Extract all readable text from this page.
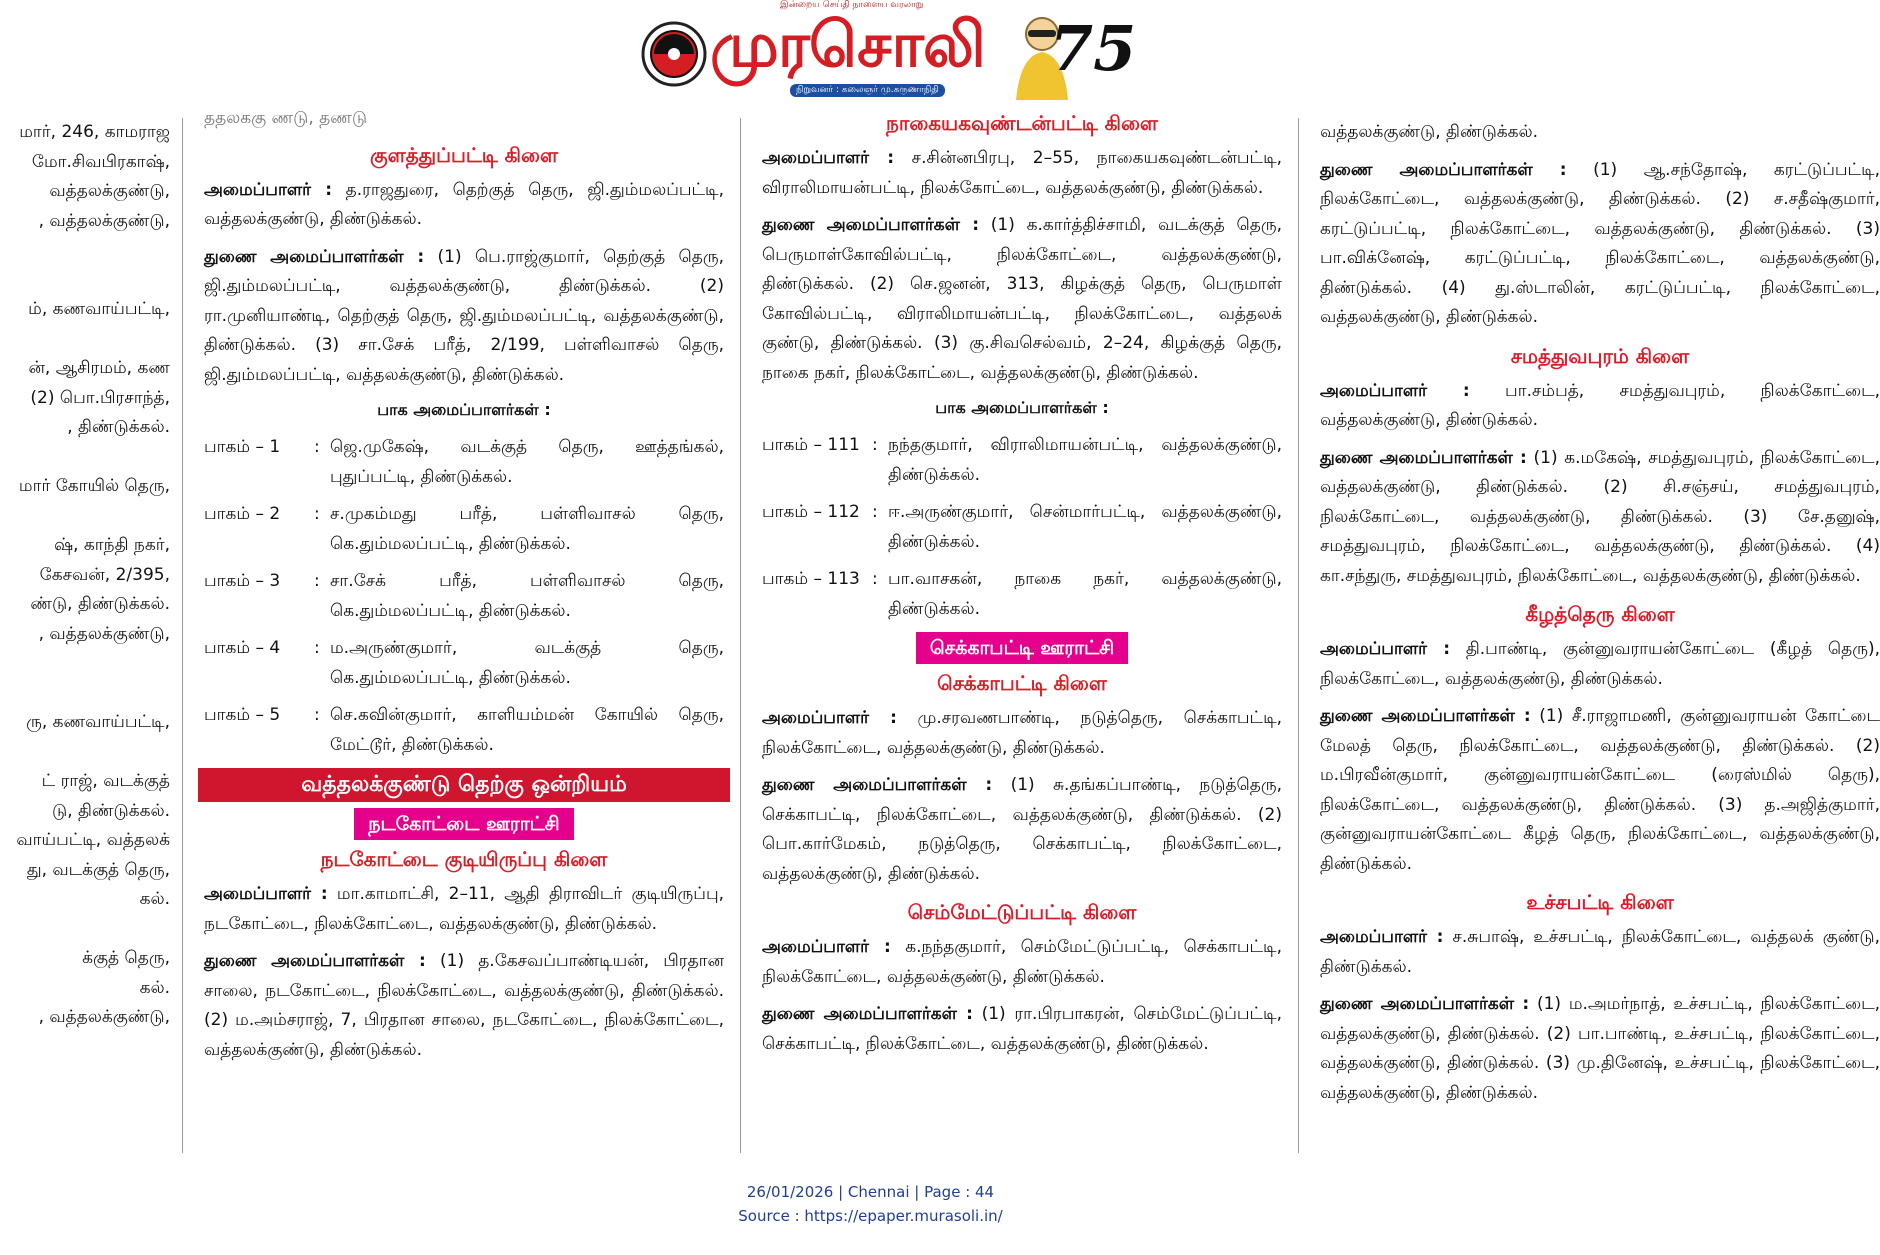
இன்றைய செய்தி நாளைய வரலாறு
முரசொலி
நிறுவனர் : கலைஞர் மு.கருணாநிதி
75
மார், 246, காமராஜ
மோ.சிவபிரகாஷ்,
வத்தலக்குண்டு,
, வத்தலக்குண்டு,
ம், கணவாய்பட்டி,
ன், ஆசிரமம், கண
(2) பொ.பிரசாந்த்,
, திண்டுக்கல்.
மார் கோயில் தெரு,
ஷ், காந்தி நகர்,
கேசவன், 2/395,
ண்டு, திண்டுக்கல்.
, வத்தலக்குண்டு,
ரு, கணவாய்பட்டி,
ட் ராஜ், வடக்குத்
டு, திண்டுக்கல்.
வாய்பட்டி, வத்தலக்
து, வடக்குத் தெரு,
கல்.
க்குத் தெரு,
கல்.
, வத்தலக்குண்டு,
ததலககு ணடு, தணடு
குளத்துப்பட்டி கிளை

அமைப்பாளர் : த.ராஜதுரை, தெற்குத் தெரு, ஜி.தும்மலப்பட்டி, வத்தலக்குண்டு, திண்டுக்கல்.

துணை அமைப்பாளர்கள் : (1) பெ.ராஜ்குமார், தெற்குத் தெரு, ஜி.தும்மலப்பட்டி, வத்தலக்குண்டு, திண்டுக்கல். (2) ரா.முனியாண்டி, தெற்குத் தெரு, ஜி.தும்மலப்பட்டி, வத்தலக்குண்டு, திண்டுக்கல். (3) சா.சேக் பரீத், 2/199, பள்ளிவாசல் தெரு, ஜி.தும்மலப்பட்டி, வத்தலக்குண்டு, திண்டுக்கல்.

பாக அமைப்பாளர்கள் :
பாகம் – 1	: ஜெ.முகேஷ், வடக்குத் தெரு, ஊத்தங்கல், புதுப்பட்டி, திண்டுக்கல்.
பாகம் – 2	: ச.முகம்மது பரீத், பள்ளிவாசல் தெரு, கெ.தும்மலப்பட்டி, திண்டுக்கல்.
பாகம் – 3	: சா.சேக் பரீத், பள்ளிவாசல் தெரு, கெ.தும்மலப்பட்டி, திண்டுக்கல்.
பாகம் – 4	: ம.அருண்குமார், வடக்குத் தெரு, கெ.தும்மலப்பட்டி, திண்டுக்கல்.
பாகம் – 5	: செ.கவின்குமார், காளியம்மன் கோயில் தெரு, மேட்டூர், திண்டுக்கல்.
வத்தலக்குண்டு தெற்கு ஒன்றியம்
நடகோட்டை ஊராட்சி
நடகோட்டை குடியிருப்பு கிளை

அமைப்பாளர் : மா.காமாட்சி, 2–11, ஆதி திராவிடர் குடியிருப்பு, நடகோட்டை, நிலக்கோட்டை, வத்தலக்குண்டு, திண்டுக்கல்.

துணை அமைப்பாளர்கள் : (1) த.கேசவப்பாண்டியன், பிரதான சாலை, நடகோட்டை, நிலக்கோட்டை, வத்தலக்குண்டு, திண்டுக்கல். (2) ம.அம்சராஜ், 7, பிரதான சாலை, நடகோட்டை, நிலக்கோட்டை, வத்தலக்குண்டு, திண்டுக்கல்.

நாகையகவுண்டன்பட்டி கிளை

அமைப்பாளர் : ச.சின்னபிரபு, 2–55, நாகையகவுண்டன்பட்டி, விராலிமாயன்பட்டி, நிலக்கோட்டை, வத்தலக்குண்டு, திண்டுக்கல்.

துணை அமைப்பாளர்கள் : (1) க.கார்த்திச்சாமி, வடக்குத் தெரு, பெருமாள்கோவில்பட்டி, நிலக்கோட்டை, வத்தலக்குண்டு, திண்டுக்கல். (2) செ.ஜனன், 313, கிழக்குத் தெரு, பெருமாள் கோவில்பட்டி, விராலிமாயன்பட்டி, நிலக்கோட்டை, வத்தலக் குண்டு, திண்டுக்கல். (3) கு.சிவசெல்வம், 2–24, கிழக்குத் தெரு, நாகை நகர், நிலக்கோட்டை, வத்தலக்குண்டு, திண்டுக்கல்.

பாக அமைப்பாளர்கள் :
பாகம் – 111 : நந்தகுமார், விராலிமாயன்பட்டி, வத்தலக்குண்டு, திண்டுக்கல்.
பாகம் – 112 : ஈ.அருண்குமார், சென்மார்பட்டி, வத்தலக்குண்டு, திண்டுக்கல்.
பாகம் – 113 : பா.வாசகன், நாகை நகர், வத்தலக்குண்டு, திண்டுக்கல்.
செக்காபட்டி ஊராட்சி
செக்காபட்டி கிளை

அமைப்பாளர் : மு.சரவணபாண்டி, நடுத்தெரு, செக்காபட்டி, நிலக்கோட்டை, வத்தலக்குண்டு, திண்டுக்கல்.

துணை அமைப்பாளர்கள் : (1) சு.தங்கப்பாண்டி, நடுத்தெரு, செக்காபட்டி, நிலக்கோட்டை, வத்தலக்குண்டு, திண்டுக்கல். (2) பொ.கார்மேகம், நடுத்தெரு, செக்காபட்டி, நிலக்கோட்டை, வத்தலக்குண்டு, திண்டுக்கல்.

செம்மேட்டுப்பட்டி கிளை

அமைப்பாளர் : க.நந்தகுமார், செம்மேட்டுப்பட்டி, செக்காபட்டி, நிலக்கோட்டை, வத்தலக்குண்டு, திண்டுக்கல்.

துணை அமைப்பாளர்கள் : (1) ரா.பிரபாகரன், செம்மேட்டுப்பட்டி, செக்காபட்டி, நிலக்கோட்டை, வத்தலக்குண்டு, திண்டுக்கல்.

வத்தலக்குண்டு, திண்டுக்கல்.

துணை அமைப்பாளர்கள் : (1) ஆ.சந்தோஷ், கரட்டுப்பட்டி, நிலக்கோட்டை, வத்தலக்குண்டு, திண்டுக்கல். (2) ச.சதீஷ்குமார், கரட்டுப்பட்டி, நிலக்கோட்டை, வத்தலக்குண்டு, திண்டுக்கல். (3) பா.விக்னேஷ், கரட்டுப்பட்டி, நிலக்கோட்டை, வத்தலக்குண்டு, திண்டுக்கல். (4) து.ஸ்டாலின், கரட்டுப்பட்டி, நிலக்கோட்டை, வத்தலக்குண்டு, திண்டுக்கல்.

சமத்துவபுரம் கிளை

அமைப்பாளர் : பா.சம்பத், சமத்துவபுரம், நிலக்கோட்டை, வத்தலக்குண்டு, திண்டுக்கல்.

துணை அமைப்பாளர்கள் : (1) க.மகேஷ், சமத்துவபுரம், நிலக்கோட்டை, வத்தலக்குண்டு, திண்டுக்கல். (2) சி.சஞ்சய், சமத்துவபுரம், நிலக்கோட்டை, வத்தலக்குண்டு, திண்டுக்கல். (3) சே.தனுஷ், சமத்துவபுரம், நிலக்கோட்டை, வத்தலக்குண்டு, திண்டுக்கல். (4) கா.சந்துரு, சமத்துவபுரம், நிலக்கோட்டை, வத்தலக்குண்டு, திண்டுக்கல்.

கீழத்தெரு கிளை

அமைப்பாளர் : தி.பாண்டி, குன்னுவராயன்கோட்டை (கீழத் தெரு), நிலக்கோட்டை, வத்தலக்குண்டு, திண்டுக்கல்.

துணை அமைப்பாளர்கள் : (1) சீ.ராஜாமணி, குன்னுவராயன் கோட்டை மேலத் தெரு, நிலக்கோட்டை, வத்தலக்குண்டு, திண்டுக்கல். (2) ம.பிரவீன்குமார், குன்னுவராயன்கோட்டை (ரைஸ்மில் தெரு), நிலக்கோட்டை, வத்தலக்குண்டு, திண்டுக்கல். (3) த.அஜித்குமார், குன்னுவராயன்கோட்டை கீழத் தெரு, நிலக்கோட்டை, வத்தலக்குண்டு, திண்டுக்கல்.

உச்சபட்டி கிளை

அமைப்பாளர் : ச.சுபாஷ், உச்சபட்டி, நிலக்கோட்டை, வத்தலக் குண்டு, திண்டுக்கல்.

துணை அமைப்பாளர்கள் : (1) ம.அமர்நாத், உச்சபட்டி, நிலக்கோட்டை, வத்தலக்குண்டு, திண்டுக்கல். (2) பா.பாண்டி, உச்சபட்டி, நிலக்கோட்டை, வத்தலக்குண்டு, திண்டுக்கல். (3) மு.தினேஷ், உச்சபட்டி, நிலக்கோட்டை, வத்தலக்குண்டு, திண்டுக்கல்.

26/01/2026 | Chennai | Page : 44
Source : https://epaper.murasoli.in/
